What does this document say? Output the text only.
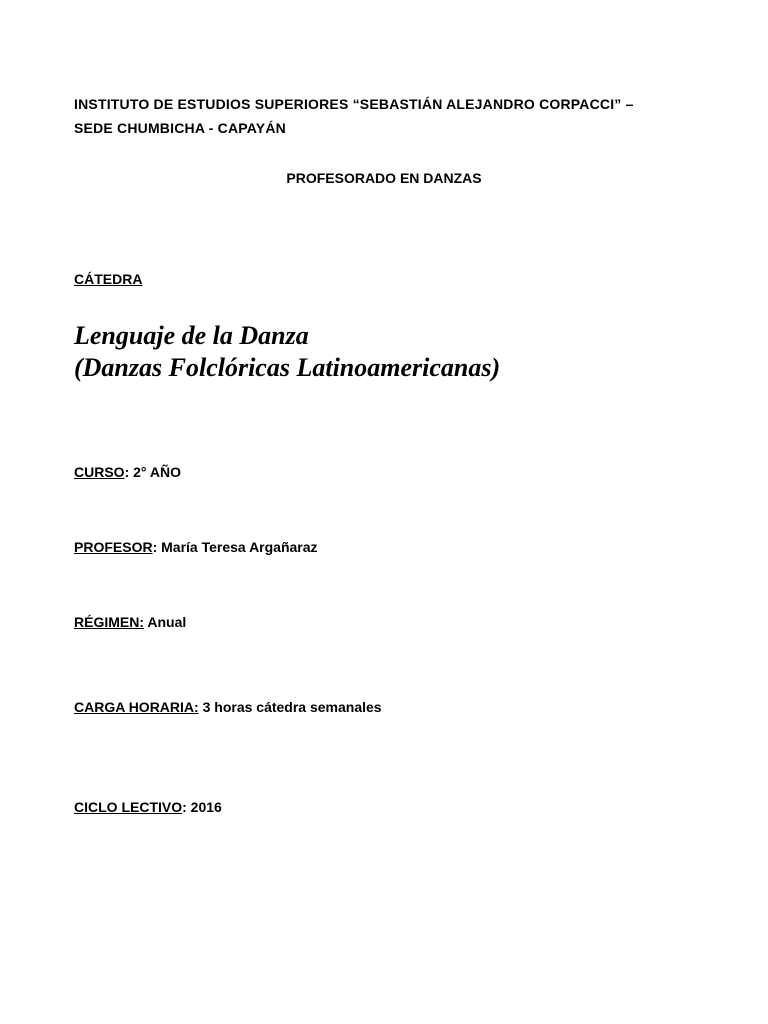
INSTITUTO DE ESTUDIOS SUPERIORES “SEBASTIÁN ALEJANDRO CORPACCI” –
SEDE CHUMBICHA - CAPAYÁN
PROFESORADO EN DANZAS
CÁTEDRA
Lenguaje de la Danza
(Danzas Folclóricas Latinoamericanas)
CURSO: 2° AÑO
PROFESOR: María Teresa Argañaraz
RÉGIMEN: Anual
CARGA HORARIA: 3 horas cátedra semanales
CICLO LECTIVO: 2016
